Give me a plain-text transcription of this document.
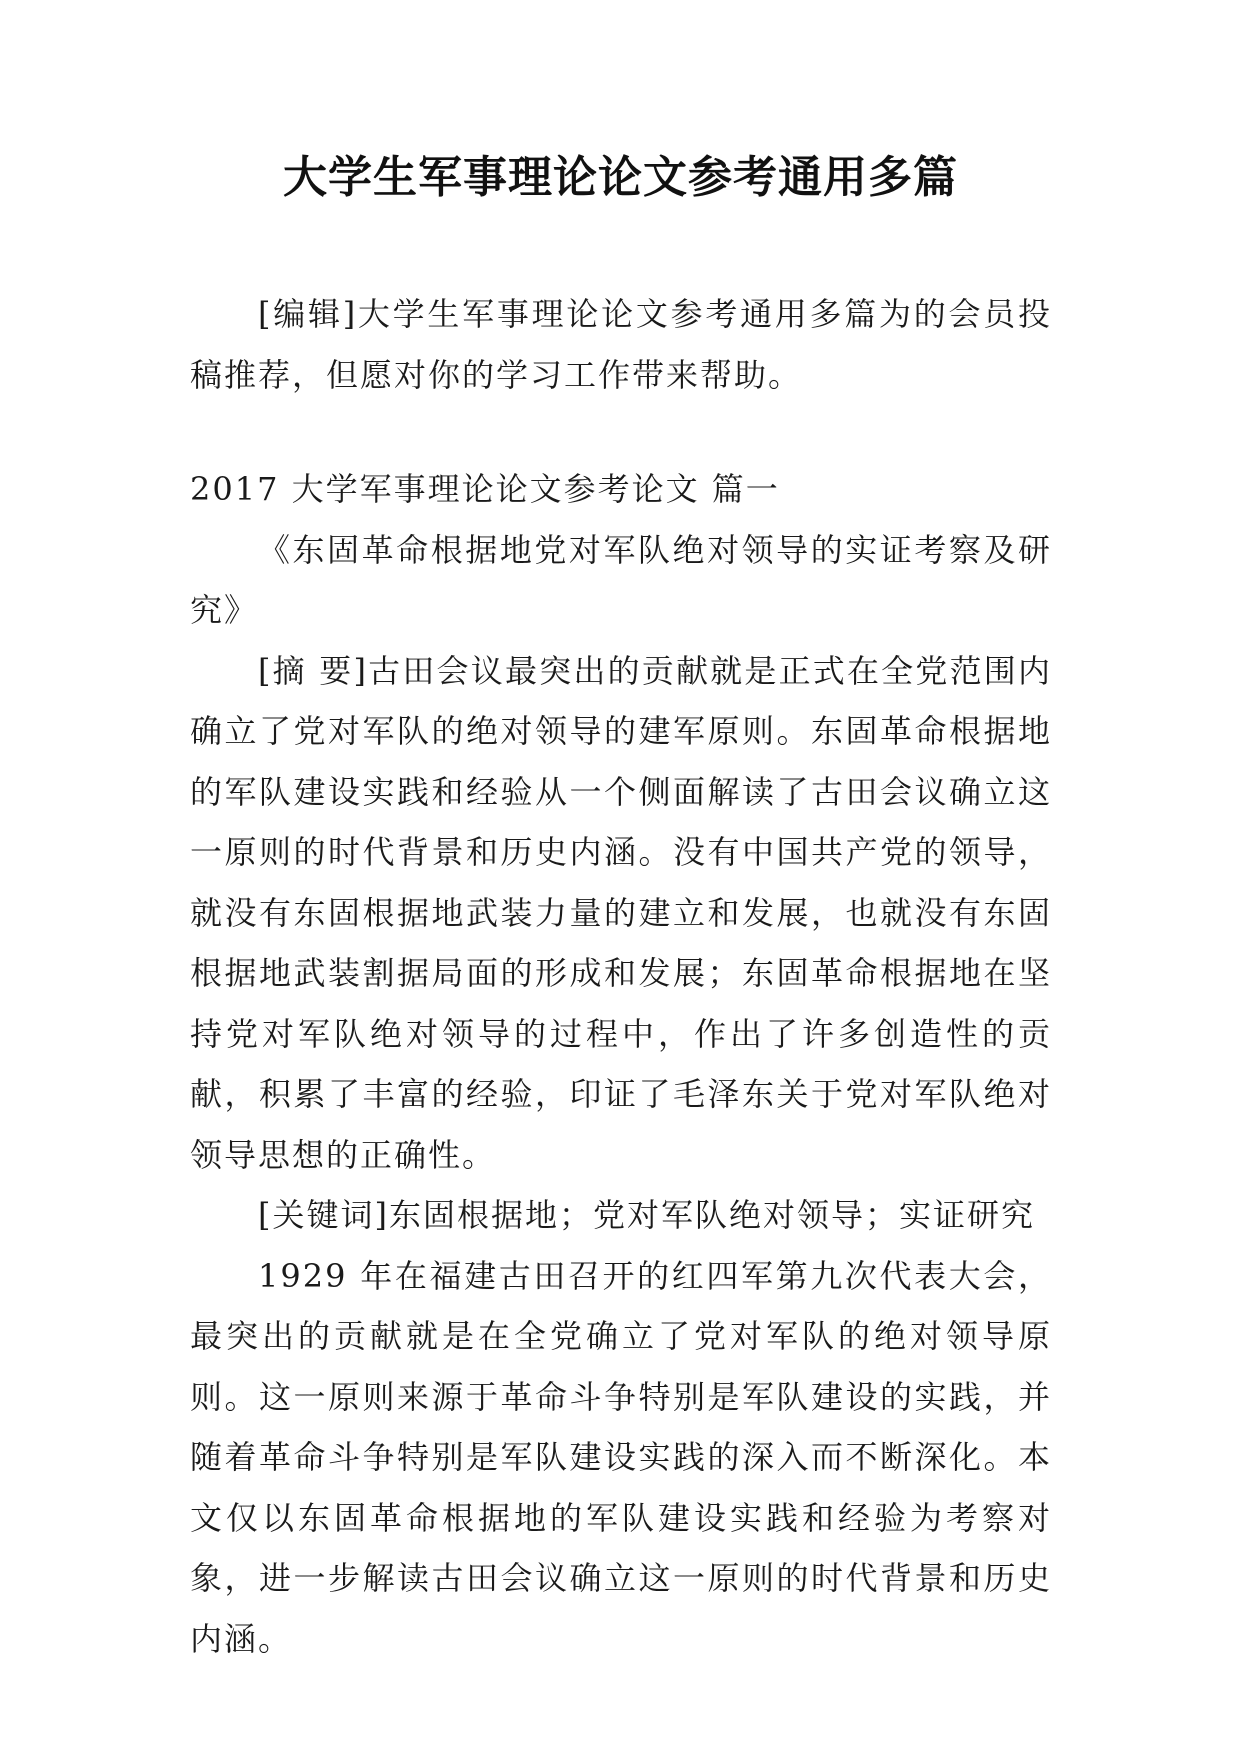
大学生军事理论论文参考通用多篇

[编辑]大学生军事理论论文参考通用多篇为的会员投稿推荐，但愿对你的学习工作带来帮助。

2017 大学军事理论论文参考论文 篇一

《东固革命根据地党对军队绝对领导的实证考察及研究》

[摘 要]古田会议最突出的贡献就是正式在全党范围内确立了党对军队的绝对领导的建军原则。东固革命根据地的军队建设实践和经验从一个侧面解读了古田会议确立这一原则的时代背景和历史内涵。没有中国共产党的领导，就没有东固根据地武装力量的建立和发展，也就没有东固根据地武装割据局面的形成和发展；东固革命根据地在坚持党对军队绝对领导的过程中，作出了许多创造性的贡献，积累了丰富的经验，印证了毛泽东关于党对军队绝对领导思想的正确性。

[关键词]东固根据地；党对军队绝对领导；实证研究

1929 年在福建古田召开的红四军第九次代表大会，最突出的贡献就是在全党确立了党对军队的绝对领导原则。这一原则来源于革命斗争特别是军队建设的实践，并随着革命斗争特别是军队建设实践的深入而不断深化。本文仅以东固革命根据地的军队建设实践和经验为考察对象，进一步解读古田会议确立这一原则的时代背景和历史内涵。
